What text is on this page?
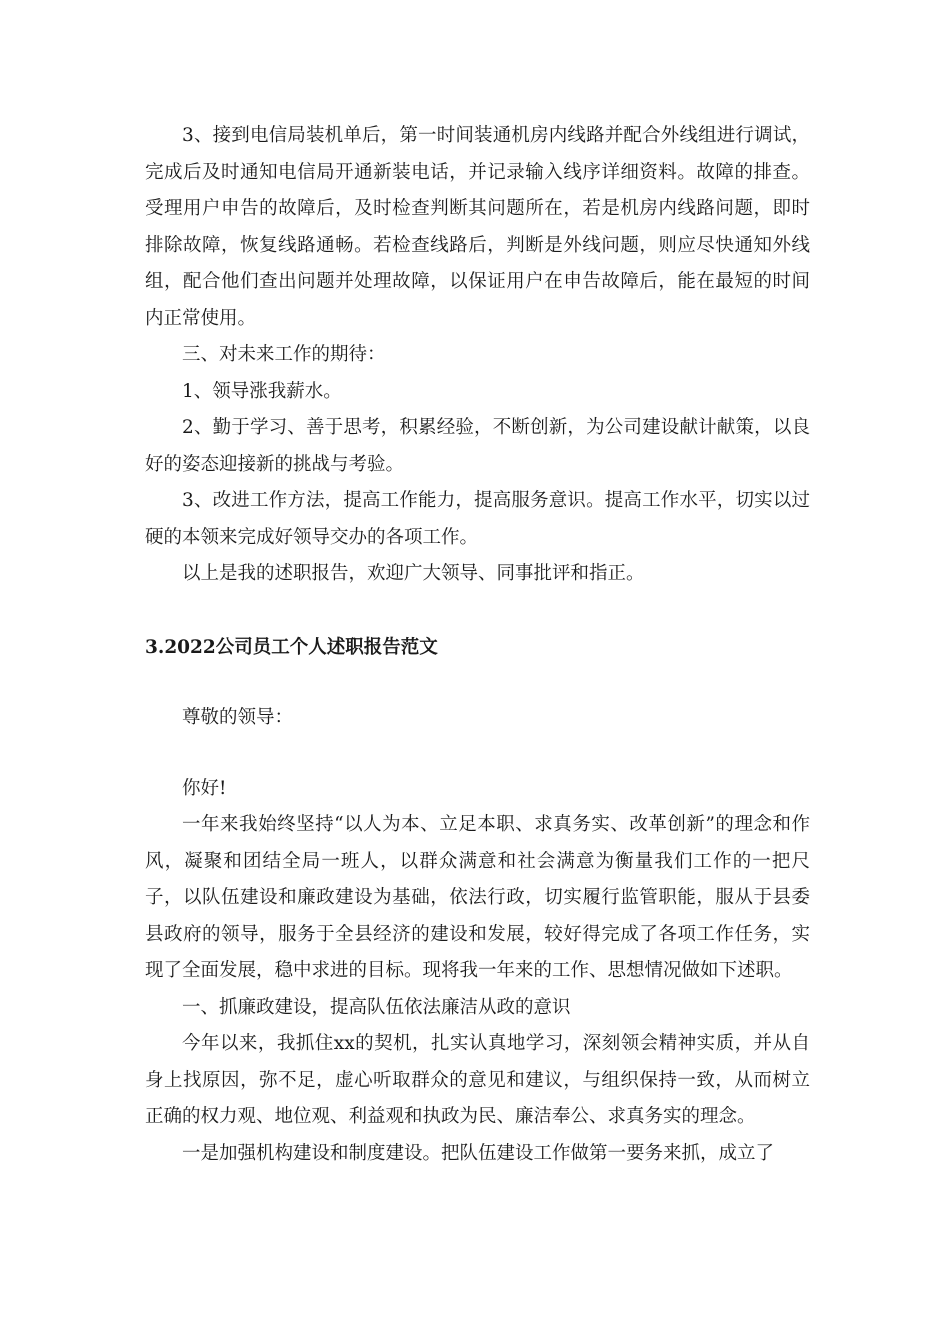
3、接到电信局装机单后，第一时间装通机房内线路并配合外线组进行调试，完成后及时通知电信局开通新装电话，并记录输入线序详细资料。故障的排查。受理用户申告的故障后，及时检查判断其问题所在，若是机房内线路问题，即时排除故障，恢复线路通畅。若检查线路后，判断是外线问题，则应尽快通知外线组，配合他们查出问题并处理故障，以保证用户在申告故障后，能在最短的时间内正常使用。

三、对未来工作的期待：

1、领导涨我薪水。

2、勤于学习、善于思考，积累经验，不断创新，为公司建设献计献策，以良好的姿态迎接新的挑战与考验。

3、改进工作方法，提高工作能力，提高服务意识。提高工作水平，切实以过硬的本领来完成好领导交办的各项工作。

以上是我的述职报告，欢迎广大领导、同事批评和指正。

3.2022公司员工个人述职报告范文

尊敬的领导：

你好!

一年来我始终坚持“以人为本、立足本职、求真务实、改革创新”的理念和作风，凝聚和团结全局一班人，以群众满意和社会满意为衡量我们工作的一把尺子，以队伍建设和廉政建设为基础，依法行政，切实履行监管职能，服从于县委县政府的领导，服务于全县经济的建设和发展，较好得完成了各项工作任务，实现了全面发展，稳中求进的目标。现将我一年来的工作、思想情况做如下述职。

一、抓廉政建设，提高队伍依法廉洁从政的意识

今年以来，我抓住xx的契机，扎实认真地学习，深刻领会精神实质，并从自身上找原因，弥不足，虚心听取群众的意见和建议，与组织保持一致，从而树立正确的权力观、地位观、利益观和执政为民、廉洁奉公、求真务实的理念。

一是加强机构建设和制度建设。把队伍建设工作做第一要务来抓，成立了
